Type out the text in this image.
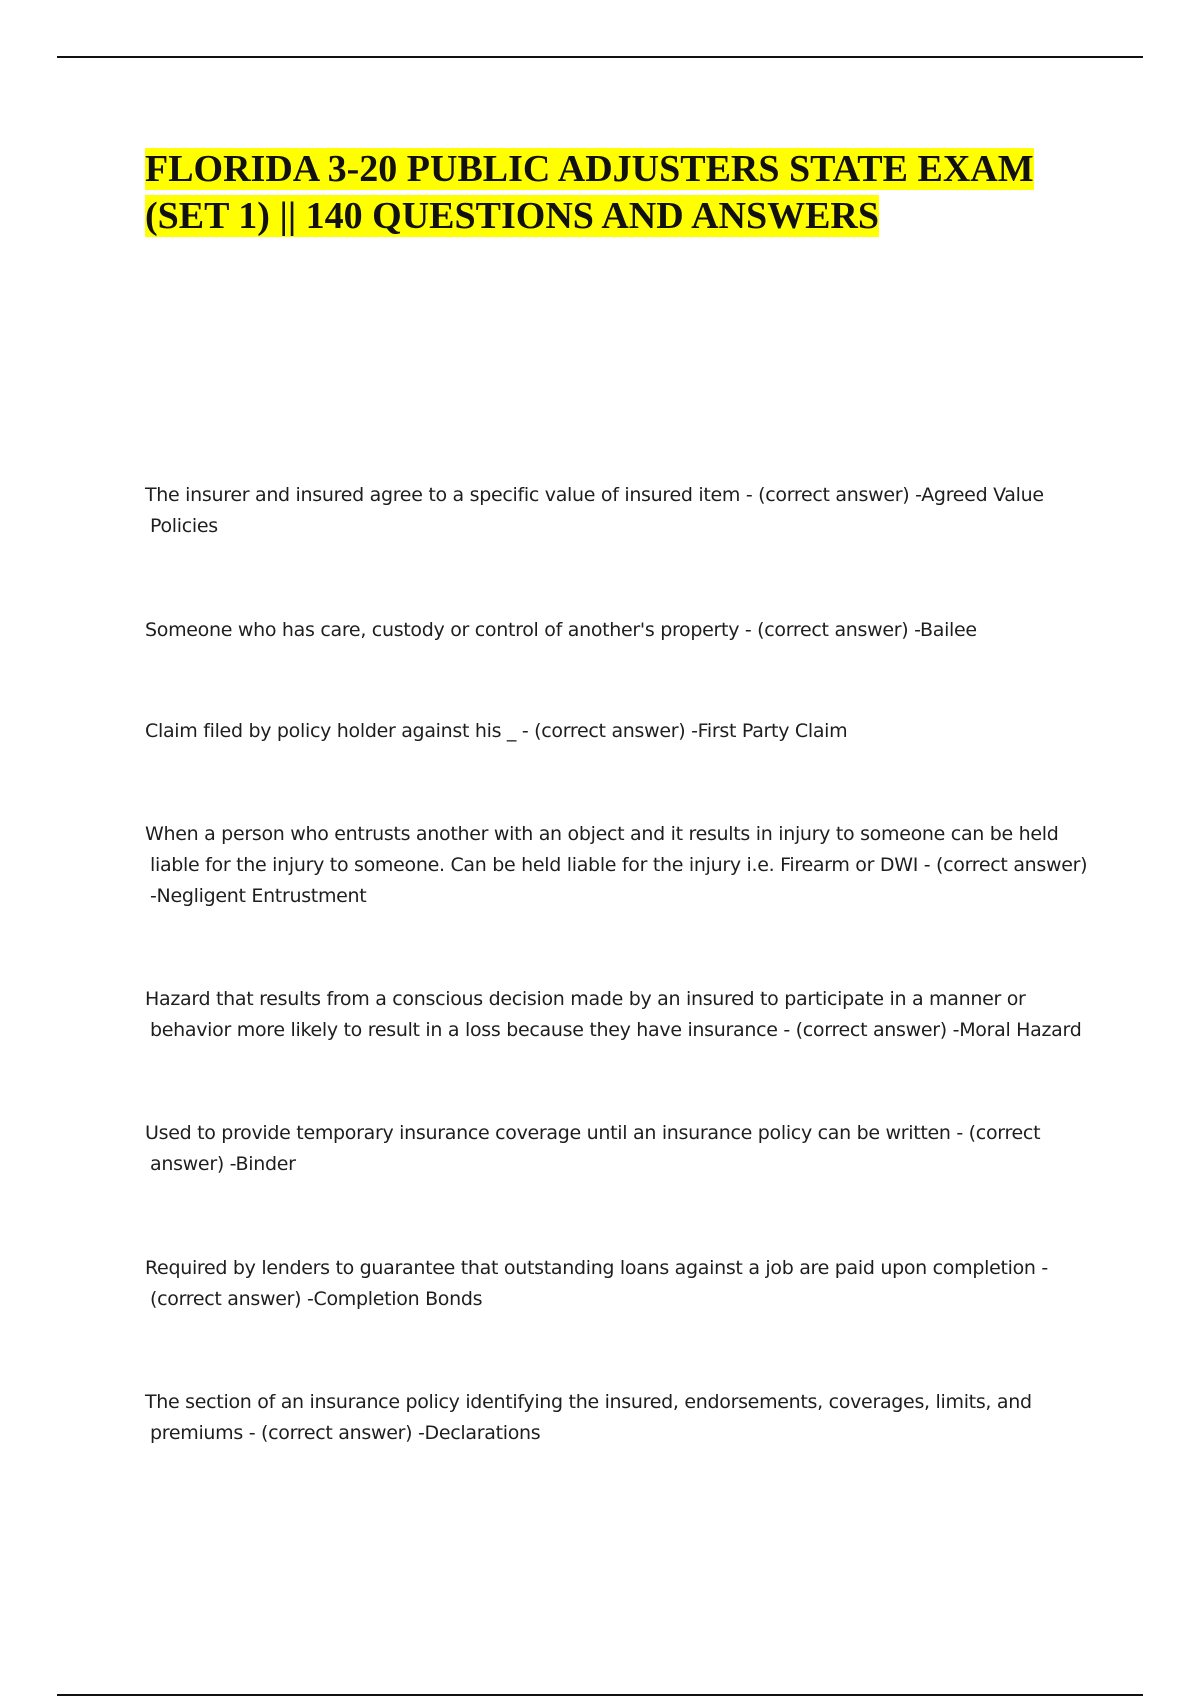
FLORIDA 3-20 PUBLIC ADJUSTERS STATE EXAM
(SET 1) || 140 QUESTIONS AND ANSWERS
The insurer and insured agree to a specific value of insured item - (correct answer) -Agreed Value
Policies
Someone who has care, custody or control of another's property - (correct answer) -Bailee
Claim filed by policy holder against his _ - (correct answer) -First Party Claim
When a person who entrusts another with an object and it results in injury to someone can be held
liable for the injury to someone. Can be held liable for the injury i.e. Firearm or DWI - (correct answer)
-Negligent Entrustment
Hazard that results from a conscious decision made by an insured to participate in a manner or
behavior more likely to result in a loss because they have insurance - (correct answer) -Moral Hazard
Used to provide temporary insurance coverage until an insurance policy can be written - (correct
answer) -Binder
Required by lenders to guarantee that outstanding loans against a job are paid upon completion -
(correct answer) -Completion Bonds
The section of an insurance policy identifying the insured, endorsements, coverages, limits, and
premiums - (correct answer) -Declarations
